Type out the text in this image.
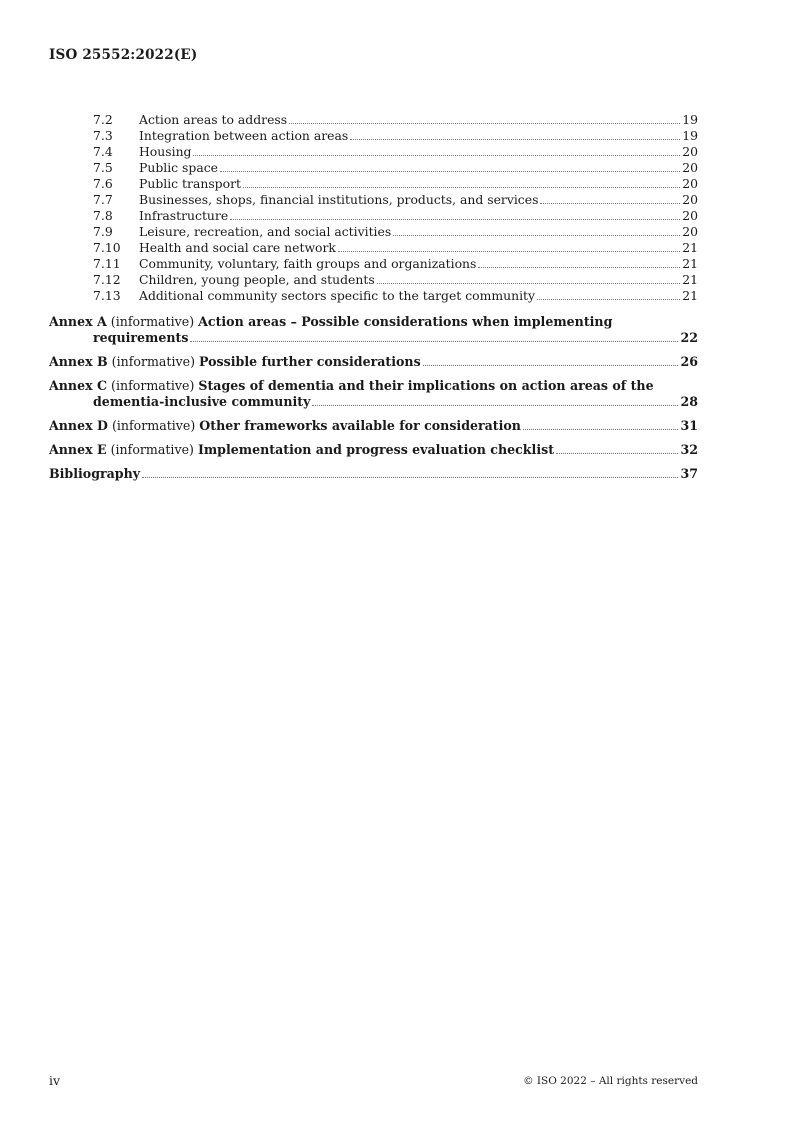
ISO 25552:2022(E)
7.2	Action areas to address	19
7.3	Integration between action areas	19
7.4	Housing	20
7.5	Public space	20
7.6	Public transport	20
7.7	Businesses, shops, financial institutions, products, and services	20
7.8	Infrastructure	20
7.9	Leisure, recreation, and social activities	20
7.10	Health and social care network	21
7.11	Community, voluntary, faith groups and organizations	21
7.12	Children, young people, and students	21
7.13	Additional community sectors specific to the target community	21
Annex A (informative) Action areas – Possible considerations when implementing
requirements	22
Annex B (informative) Possible further considerations	26
Annex C (informative) Stages of dementia and their implications on action areas of the
dementia-inclusive community	28
Annex D (informative) Other frameworks available for consideration	31
Annex E (informative) Implementation and progress evaluation checklist	32
Bibliography	37
iv	© ISO 2022 – All rights reserved
